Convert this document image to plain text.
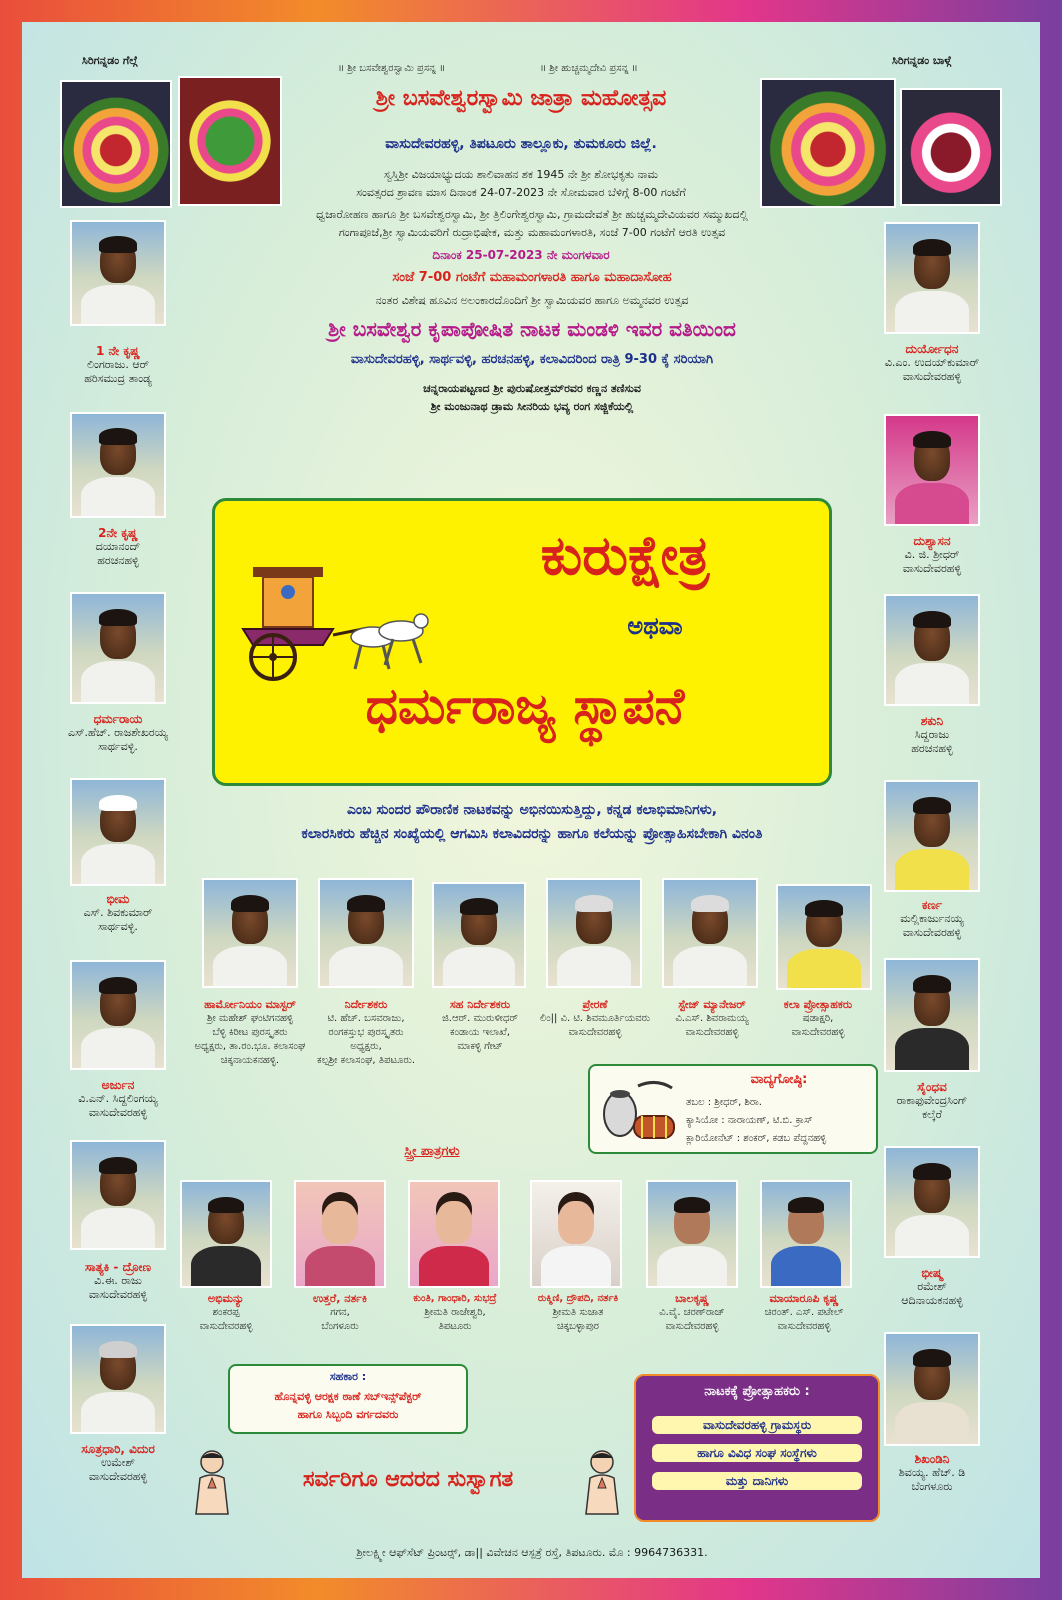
ಸಿರಿಗನ್ನಡಂ ಗೆಲ್ಗೆ	ಸಿರಿಗನ್ನಡಂ ಬಾಳ್ಗೆ
॥ ಶ್ರೀ ಬಸವೇಶ್ವರಸ್ವಾಮಿ ಪ್ರಸನ್ನ ॥	॥ ಶ್ರೀ ಹುಚ್ಚಮ್ಮದೇವಿ ಪ್ರಸನ್ನ ॥
ಶ್ರೀ ಬಸವೇಶ್ವರಸ್ವಾಮಿ ಜಾತ್ರಾ ಮಹೋತ್ಸವ
ವಾಸುದೇವರಹಳ್ಳಿ, ತಿಪಟೂರು ತಾಲ್ಲೂಕು, ತುಮಕೂರು ಜಿಲ್ಲೆ.
ಸ್ವಸ್ತಿಶ್ರೀ ವಿಜಯಾಭ್ಯುದಯ ಶಾಲಿವಾಹನ ಶಕ 1945 ನೇ ಶ್ರೀ ಶೋಭಕೃತು ನಾಮ
ಸಂವತ್ಸರದ ಶ್ರಾವಣ ಮಾಸ ದಿನಾಂಕ 24-07-2023 ನೇ ಸೋಮವಾರ ಬೆಳಿಗ್ಗೆ 8-00 ಗಂಟೆಗೆ
ಧ್ವಜಾರೋಹಣ ಹಾಗೂ ಶ್ರೀ ಬಸವೇಶ್ವರಸ್ವಾಮಿ, ಶ್ರೀ ತ್ರಿಲಿಂಗೇಶ್ವರಸ್ವಾಮಿ, ಗ್ರಾಮದೇವತೆ ಶ್ರೀ ಹುಚ್ಚಮ್ಮದೇವಿಯವರ ಸಮ್ಮುಖದಲ್ಲಿ
ಗಂಗಾಪೂಜೆ,ಶ್ರೀ ಸ್ವಾಮಿಯವರಿಗೆ ರುದ್ರಾಭಿಷೇಕ, ಮತ್ತು ಮಹಾಮಂಗಳಾರತಿ, ಸಂಜೆ 7-00 ಗಂಟೆಗೆ ಆರತಿ ಉತ್ಸವ
ದಿನಾಂಕ 25-07-2023 ನೇ ಮಂಗಳವಾರ
ಸಂಜೆ 7-00 ಗಂಟೆಗೆ ಮಹಾಮಂಗಳಾರತಿ ಹಾಗೂ ಮಹಾದಾಸೋಹ
ನಂತರ ವಿಶೇಷ ಹೂವಿನ ಅಲಂಕಾರದೊಂದಿಗೆ ಶ್ರೀ ಸ್ವಾಮಿಯವರ ಹಾಗೂ ಅಮ್ಮನವರ ಉತ್ಸವ
ಶ್ರೀ ಬಸವೇಶ್ವರ ಕೃಪಾಪೋಷಿತ ನಾಟಕ ಮಂಡಳಿ ಇವರ ವತಿಯಿಂದ
ವಾಸುದೇವರಹಳ್ಳಿ, ಸಾರ್ಥವಳ್ಳಿ, ಹರಚನಹಳ್ಳಿ, ಕಲಾವಿದರಿಂದ ರಾತ್ರಿ 9-30 ಕ್ಕೆ ಸರಿಯಾಗಿ
ಚನ್ನರಾಯಪಟ್ಟಣದ ಶ್ರೀ ಪುರುಷೋತ್ತಮ್‌ರವರ ಕಣ್ಣನ ತಣಿಸುವ
ಶ್ರೀ ಮಂಜುನಾಥ ಡ್ರಾಮ ಸೀನರಿಯ ಭವ್ಯ ರಂಗ ಸಜ್ಜಿಕೆಯಲ್ಲಿ
1 ನೇ ಕೃಷ್ಣ
ಲಿಂಗರಾಜು. ಆರ್
ಹರಿಸಮುದ್ರ ತಾಂಡ್ಯ
2ನೇ ಕೃಷ್ಣ
ದಯಾನಂದ್
ಹರಚನಹಳ್ಳಿ
ಧರ್ಮರಾಯ
ಎಸ್.ಹೆಚ್. ರಾಜಶೇಖರಯ್ಯ
ಸಾರ್ಥವಳ್ಳಿ.
ಭೀಮ
ಎಸ್. ಶಿವಕುಮಾರ್
ಸಾರ್ಥವಳ್ಳಿ.
ಅರ್ಜುನ
ವಿ.ಎನ್. ಸಿದ್ದಲಿಂಗಯ್ಯ
ವಾಸುದೇವರಹಳ್ಳಿ
ಸಾತ್ಯಕಿ - ದ್ರೋಣ
ವಿ.ಈ. ರಾಜು
ವಾಸುದೇವರಹಳ್ಳಿ
ಸೂತ್ರಧಾರಿ, ವಿದುರ
ಉಮೇಶ್
ವಾಸುದೇವರಹಳ್ಳಿ
ದುರ್ಯೋಧನ
ವಿ.ಎಂ. ಉದಯ್‌ಕುಮಾರ್
ವಾಸುದೇವರಹಳ್ಳಿ
ದುಶ್ಯಾಸನ
ವಿ. ಜಿ. ಶ್ರೀಧರ್
ವಾಸುದೇವರಹಳ್ಳಿ
ಶಕುನಿ
ಸಿದ್ದರಾಜು
ಹರಚನಹಳ್ಳಿ
ಕರ್ಣ
ಮಲ್ಲಿಕಾರ್ಜುನಯ್ಯ
ವಾಸುದೇವರಹಳ್ಳಿ
ಸೈಂಧವ
ರಾಕಾಫುವೇಂದ್ರಸಿಂಗ್
ಕಲ್ಕೆರೆ
ಭೀಷ್ಮ
ರಮೇಶ್
ಆದಿನಾಯಕನಹಳ್ಳಿ
ಶಿಖಂಡಿನಿ
ಶಿವಯ್ಯ. ಹೆಚ್. ಡಿ
ಬೆಂಗಳೂರು
ಕುರುಕ್ಷೇತ್ರ
ಅಥವಾ
ಧರ್ಮರಾಜ್ಯ ಸ್ಥಾಪನೆ
ಎಂಬ ಸುಂದರ ಪೌರಾಣಿಕ ನಾಟಕವನ್ನು ಅಭಿನಯಿಸುತ್ತಿದ್ದು, ಕನ್ನಡ ಕಲಾಭಿಮಾನಿಗಳು,
ಕಲಾರಸಿಕರು ಹೆಚ್ಚಿನ ಸಂಖ್ಯೆಯಲ್ಲಿ ಆಗಮಿಸಿ ಕಲಾವಿದರನ್ನು ಹಾಗೂ ಕಲೆಯನ್ನು ಪ್ರೋತ್ಸಾಹಿಸಬೇಕಾಗಿ ವಿನಂತಿ
ಹಾರ್ಮೋನಿಯಂ ಮಾಸ್ಟರ್
ಶ್ರೀ ಮಹೇಶ್ ಘಂಟಿಗನಹಳ್ಳಿ
ಬೆಳ್ಳಿ ಕಿರೀಟ ಪುರಸ್ಕೃತರು
ಅಧ್ಯಕ್ಷರು, ತಾ.ರಂ.ಭೂ. ಕಲಾಸಂಘ
ಚಿಕ್ಕನಾಯಕನಹಳ್ಳಿ.
ನಿರ್ದೇಶಕರು
ಟಿ. ಹೆಚ್. ಬಸವರಾಜು,
ರಂಗಕಸ್ತುಭ ಪುರಸ್ಕೃತರು
ಅಧ್ಯಕ್ಷರು,
ಕಲ್ಪಶ್ರೀ ಕಲಾಸಂಘ, ತಿಪಟೂರು.
ಸಹ ನಿರ್ದೇಶಕರು
ಜಿ.ಆರ್. ಮುರುಳೀಧರ್
ಕಂಡಾಯ ಇಲಾಖೆ,
ಮಾಕಳ್ಳಿ ಗೇಟ್
ಪ್ರೇರಣೆ
ಲಿಂ|| ವಿ. ಟಿ. ಶಿವಮೂರ್ತಿಯವರು
ವಾಸುದೇವರಹಳ್ಳಿ
ಸ್ಟೇಜ್ ಮ್ಯಾನೇಜರ್
ವಿ.ಎಸ್. ಶಿವರಾಮಯ್ಯ
ವಾಸುದೇವರಹಳ್ಳಿ
ಕಲಾ ಪ್ರೋತ್ಸಾಹಕರು
ಷಡಾಕ್ಷರಿ,
ವಾಸುದೇವರಹಳ್ಳಿ
ವಾದ್ಯಗೋಷ್ಠಿ:
ತಬಲ : ಶ್ರೀಧರ್, ಶಿರಾ.
ಕ್ಯಾಸಿಯೋ : ನಾರಾಯಣ್, ಟಿ.ಬಿ. ಕ್ರಾಸ್
ಕ್ಲಾರಿಯೋನೆಟ್ : ಶಂಕರ್, ಕಡಬ ಪೆದ್ದನಹಳ್ಳಿ
ಸ್ತ್ರೀ ಪಾತ್ರಗಳು
ಅಭಿಮನ್ಯು
ಶಂಕರಪ್ಪ
ವಾಸುದೇವರಹಳ್ಳಿ
ಉತ್ತರೆ, ನರ್ತಕಿ
ಗಗನ,
ಬೆಂಗಳೂರು
ಕುಂತಿ, ಗಾಂಧಾರಿ, ಸುಭದ್ರೆ
ಶ್ರೀಮತಿ ರಾಜೇಶ್ವರಿ,
ತಿಪಟೂರು
ರುಕ್ಮಿಣಿ, ದ್ರೌಪದಿ, ನರ್ತಕಿ
ಶ್ರೀಮತಿ ಸುಜಾತ
ಚಿಕ್ಕಬಳ್ಳಾಪುರ
ಬಾಲಕೃಷ್ಣ
ವಿ.ವೈ. ಚರಣ್‌ರಾಜ್
ವಾಸುದೇವರಹಳ್ಳಿ
ಮಾಯಾರೂಪಿ ಕೃಷ್ಣ
ಚಿರಂತ್. ಎಸ್. ಪಟೇಲ್
ವಾಸುದೇವರಹಳ್ಳಿ
ಸಹಕಾರ :
ಹೊನ್ನವಳ್ಳಿ ಆರಕ್ಷಕ ಠಾಣೆ ಸಬ್‌ಇನ್ಸ್‌ಪೆಕ್ಟರ್
ಹಾಗೂ ಸಿಬ್ಬಂದಿ ವರ್ಗದವರು
ಸರ್ವರಿಗೂ ಆದರದ ಸುಸ್ವಾಗತ
ನಾಟಕಕ್ಕೆ ಪ್ರೋತ್ಸಾಹಕರು :
ವಾಸುದೇವರಹಳ್ಳಿ ಗ್ರಾಮಸ್ಥರು
ಹಾಗೂ ವಿವಿಧ ಸಂಘ ಸಂಸ್ಥೆಗಳು
ಮತ್ತು ದಾನಿಗಳು
ಶ್ರೀಲಕ್ಷ್ಮೀ ಆಫ್‌ಸೆಟ್ ಪ್ರಿಂಟರ್‍ಸ್, ಡಾ|| ವಿವೇಚನ ಆಸ್ಪತ್ರೆ ರಸ್ತೆ, ತಿಪಟೂರು. ಮೊ : 9964736331.
